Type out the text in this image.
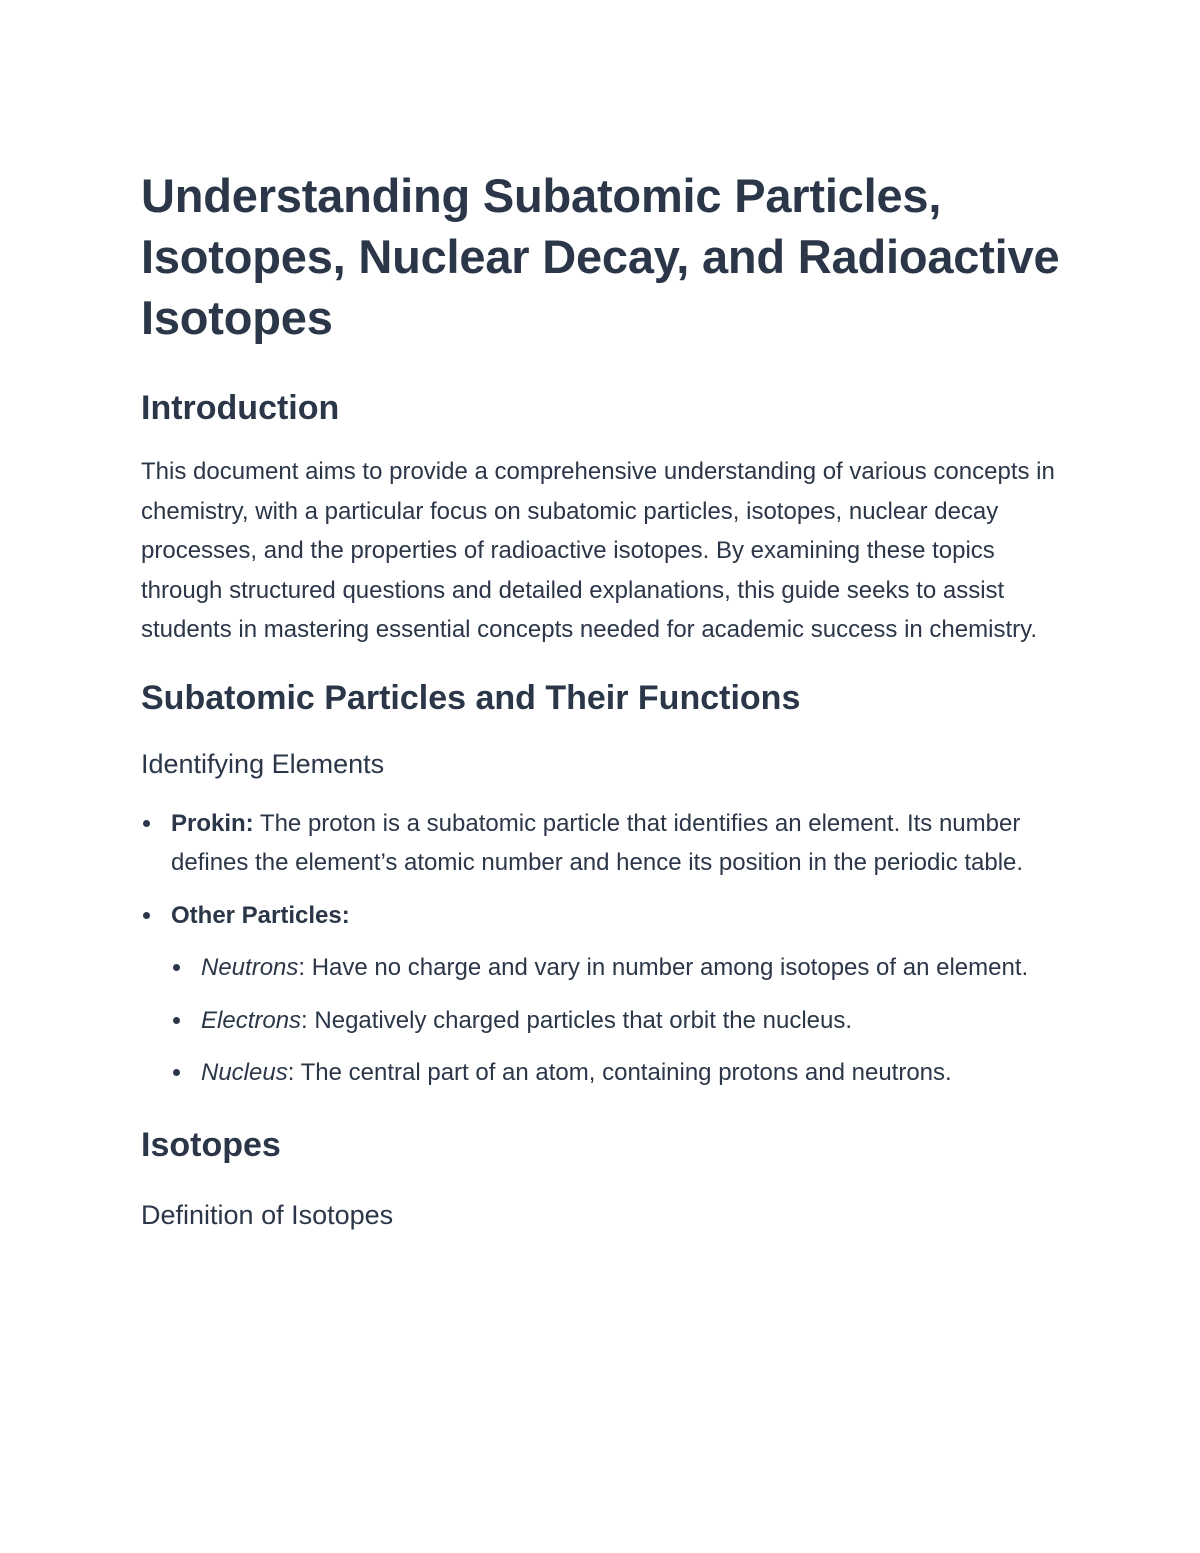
Understanding Subatomic Particles, Isotopes, Nuclear Decay, and Radioactive Isotopes
Introduction

This document aims to provide a comprehensive understanding of various concepts in chemistry, with a particular focus on subatomic particles, isotopes, nuclear decay processes, and the properties of radioactive isotopes. By examining these topics through structured questions and detailed explanations, this guide seeks to assist students in mastering essential concepts needed for academic success in chemistry.

Subatomic Particles and Their Functions
Identifying Elements
Prokin: The proton is a subatomic particle that identifies an element. Its number defines the element’s atomic number and hence its position in the periodic table.
Other Particles:
Neutrons: Have no charge and vary in number among isotopes of an element.
Electrons: Negatively charged particles that orbit the nucleus.
Nucleus: The central part of an atom, containing protons and neutrons.
Isotopes
Definition of Isotopes
